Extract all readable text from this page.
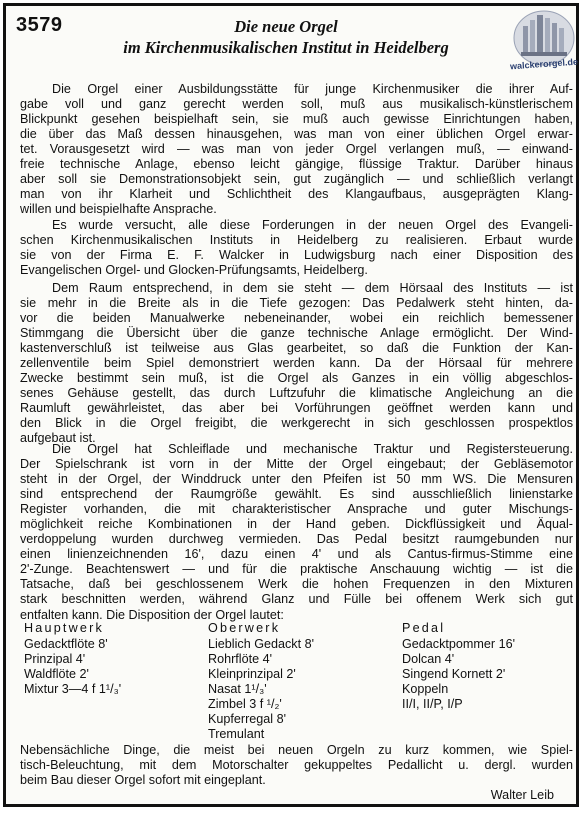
3579	Die neue Orgel
im Kirchenmusikalischen Institut in Heidelberg
walckerorgel.de
Die Orgel einer Ausbildungsstätte für junge Kirchenmusiker die ihrer Auf-
gabe voll und ganz gerecht werden soll, muß aus musikalisch-künstlerischem
Blickpunkt gesehen beispielhaft sein, sie muß auch gewisse Einrichtungen haben,
die über das Maß dessen hinausgehen, was man von einer üblichen Orgel erwar-
tet. Vorausgesetzt wird — was man von jeder Orgel verlangen muß, — einwand-
freie technische Anlage, ebenso leicht gängige, flüssige Traktur. Darüber hinaus
aber soll sie Demonstrationsobjekt sein, gut zugänglich — und schließlich verlangt
man von ihr Klarheit und Schlichtheit des Klangaufbaus, ausgeprägten Klang-
willen und beispielhafte Ansprache.
Es wurde versucht, alle diese Forderungen in der neuen Orgel des Evangeli-
schen Kirchenmusikalischen Instituts in Heidelberg zu realisieren. Erbaut wurde
sie von der Firma E. F. Walcker in Ludwigsburg nach einer Disposition des
Evangelischen Orgel- und Glocken-Prüfungsamts, Heidelberg.
Dem Raum entsprechend, in dem sie steht — dem Hörsaal des Instituts — ist
sie mehr in die Breite als in die Tiefe gezogen: Das Pedalwerk steht hinten, da-
vor die beiden Manualwerke nebeneinander, wobei ein reichlich bemessener
Stimmgang die Übersicht über die ganze technische Anlage ermöglicht. Der Wind-
kastenverschluß ist teilweise aus Glas gearbeitet, so daß die Funktion der Kan-
zellenventile beim Spiel demonstriert werden kann. Da der Hörsaal für mehrere
Zwecke bestimmt sein muß, ist die Orgel als Ganzes in ein völlig abgeschlos-
senes Gehäuse gestellt, das durch Luftzufuhr die klimatische Angleichung an die
Raumluft gewährleistet, das aber bei Vorführungen geöffnet werden kann und
den Blick in die Orgel freigibt, die werkgerecht in sich geschlossen prospektlos
aufgebaut ist.
Die Orgel hat Schleiflade und mechanische Traktur und Registersteuerung.
Der Spielschrank ist vorn in der Mitte der Orgel eingebaut; der Gebläsemotor
steht in der Orgel, der Winddruck unter den Pfeifen ist 50 mm WS. Die Mensuren
sind entsprechend der Raumgröße gewählt. Es sind ausschließlich linienstarke
Register vorhanden, die mit charakteristischer Ansprache und guter Mischungs-
möglichkeit reiche Kombinationen in der Hand geben. Dickflüssigkeit und Äqual-
verdoppelung wurden durchweg vermieden. Das Pedal besitzt raumgebunden nur
einen linienzeichnenden 16', dazu einen 4' und als Cantus-firmus-Stimme eine
2'-Zunge. Beachtenswert — und für die praktische Anschauung wichtig — ist die
Tatsache, daß bei geschlossenem Werk die hohen Frequenzen in den Mixturen
stark beschnitten werden, während Glanz und Fülle bei offenem Werk sich gut
entfalten kann. Die Disposition der Orgel lautet:
Hauptwerk
Gedacktflöte 8'
Prinzipal 4'
Waldflöte 2'
Mixtur 3—4 f 1¹/₃'
Oberwerk
Lieblich Gedackt 8'
Rohrflöte 4'
Kleinprinzipal 2'
Nasat 1¹/₃'
Zimbel 3 f ¹/₂'
Kupferregal 8'
Tremulant
Pedal
Gedacktpommer 16'
Dolcan 4'
Singend Kornett 2'
Koppeln
II/I, II/P, I/P
Nebensächliche Dinge, die meist bei neuen Orgeln zu kurz kommen, wie Spiel-
tisch-Beleuchtung, mit dem Motorschalter gekuppeltes Pedallicht u. dergl. wurden
beim Bau dieser Orgel sofort mit eingeplant.
Walter Leib
